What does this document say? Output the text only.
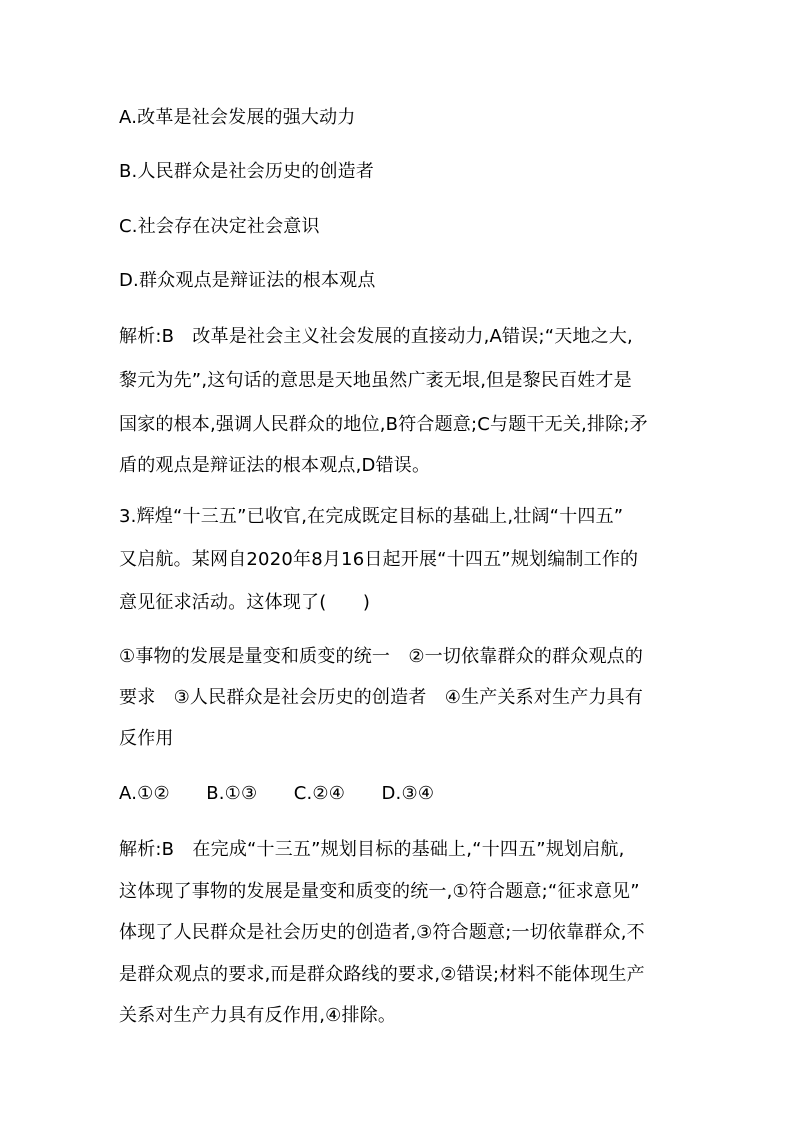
A.改革是社会发展的强大动力
B.人民群众是社会历史的创造者
C.社会存在决定社会意识
D.群众观点是辩证法的根本观点
解析:B　改革是社会主义社会发展的直接动力,A错误;“天地之大,
黎元为先”,这句话的意思是天地虽然广袤无垠,但是黎民百姓才是
国家的根本,强调人民群众的地位,B符合题意;C与题干无关,排除;矛
盾的观点是辩证法的根本观点,D错误。
3.辉煌“十三五”已收官,在完成既定目标的基础上,壮阔“十四五”
又启航。某网自2020年8月16日起开展“十四五”规划编制工作的
意见征求活动。这体现了(　　)
①事物的发展是量变和质变的统一　②一切依靠群众的群众观点的
要求　③人民群众是社会历史的创造者　④生产关系对生产力具有
反作用
A.①②　　B.①③　　C.②④　　D.③④
解析:B　在完成“十三五”规划目标的基础上,“十四五”规划启航,
这体现了事物的发展是量变和质变的统一,①符合题意;“征求意见”
体现了人民群众是社会历史的创造者,③符合题意;一切依靠群众,不
是群众观点的要求,而是群众路线的要求,②错误;材料不能体现生产
关系对生产力具有反作用,④排除。
